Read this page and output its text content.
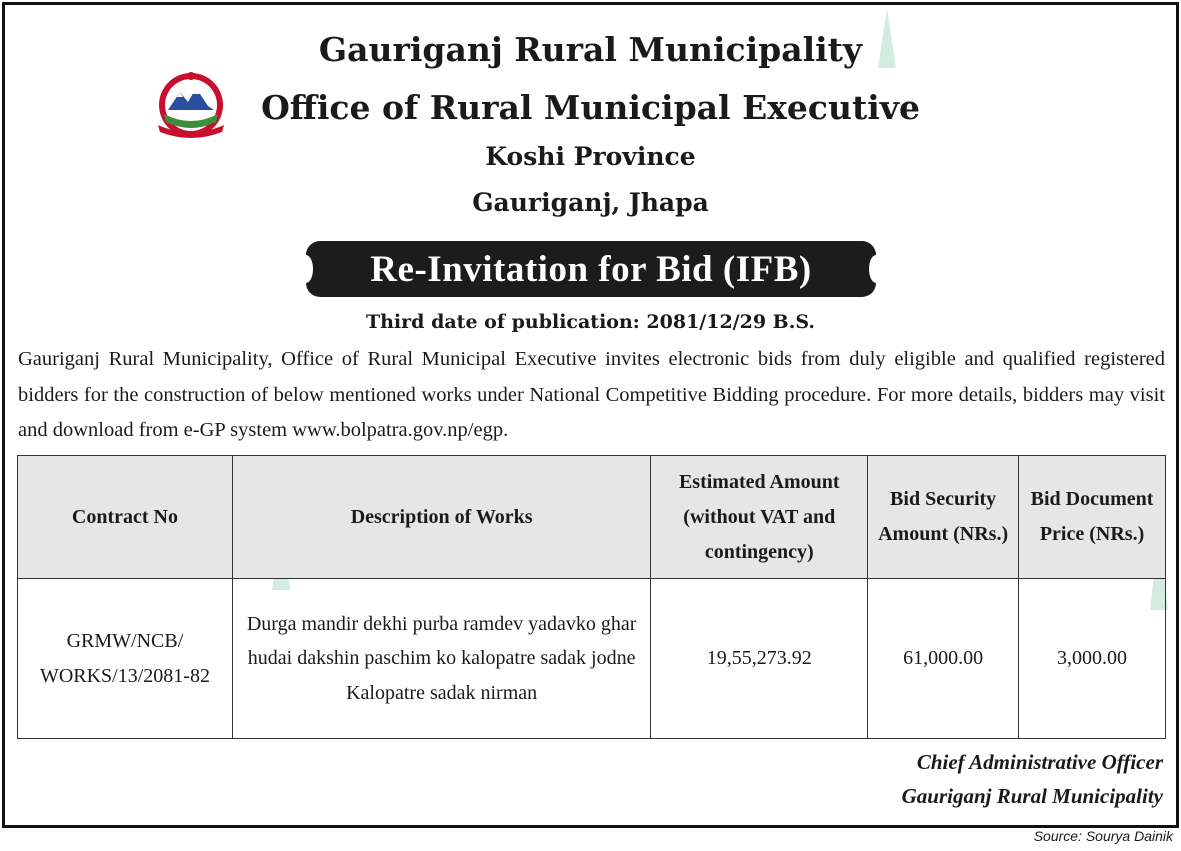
Gauriganj Rural Municipality
Office of Rural Municipal Executive
Koshi Province
Gauriganj, Jhapa
Re-Invitation for Bid (IFB)
Third date of publication: 2081/12/29 B.S.
Gauriganj Rural Municipality, Office of Rural Municipal Executive invites electronic bids from duly eligible and qualified registered bidders for the construction of below mentioned works under National Competitive Bidding procedure. For more details, bidders may visit and download from e-GP system www.bolpatra.gov.np/egp.
Contract No	Description of Works	Estimated Amount (without VAT and contingency)	Bid Security Amount (NRs.)	Bid Document Price (NRs.)
GRMW/NCB/ WORKS/13/2081-82	Durga mandir dekhi purba ramdev yadavko ghar hudai dakshin paschim ko kalopatre sadak jodne Kalopatre sadak nirman	19,55,273.92	61,000.00	3,000.00
Chief Administrative Officer
Gauriganj Rural Municipality
Source: Sourya Dainik
